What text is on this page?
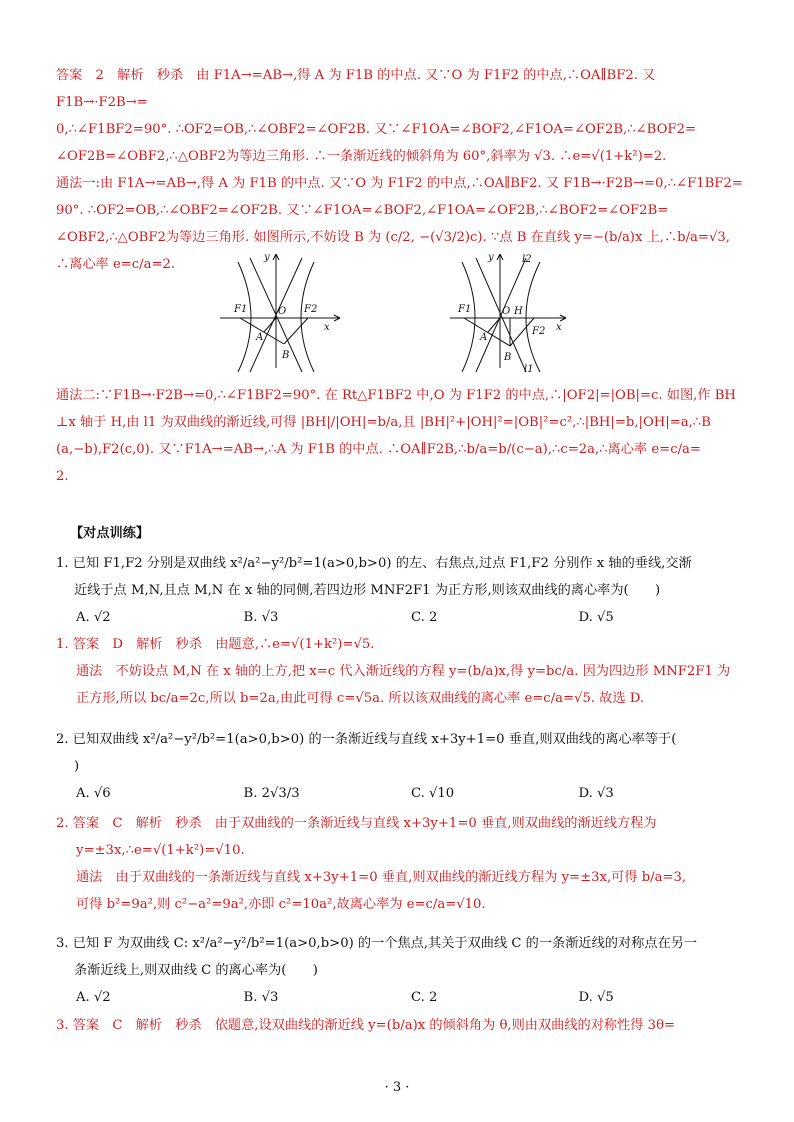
答案　2　解析　秒杀　由 F1A→=AB→,得 A 为 F1B 的中点. 又∵O 为 F1F2 的中点,∴OA∥BF2. 又 F1B→·F2B→=

0,∴∠F1BF2=90°. ∴OF2=OB,∴∠OBF2=∠OF2B. 又∵∠F1OA=∠BOF2,∠F1OA=∠OF2B,∴∠BOF2=

∠OF2B=∠OBF2,∴△OBF2为等边三角形. ∴一条渐近线的倾斜角为 60°,斜率为 √3. ∴e=√(1+k²)=2.

通法一:由 F1A→=AB→,得 A 为 F1B 的中点. 又∵O 为 F1F2 的中点,∴OA∥BF2. 又 F1B→·F2B→=0,∴∠F1BF2=

90°. ∴OF2=OB,∴∠OBF2=∠OF2B. 又∵∠F1OA=∠BOF2,∠F1OA=∠OF2B,∴∠BOF2=∠OF2B=

∠OBF2,∴△OBF2为等边三角形. 如图所示,不妨设 B 为 (c/2, −(√3/2)c). ∵点 B 在直线 y=−(b/a)x 上,∴b/a=√3,

∴离心率 e=c/a=2.	y
x
O
F1	F2
A
B
y
x
O
F1
F2
H
A
B
l2
l1

通法二:∵F1B→·F2B→=0,∴∠F1BF2=90°. 在 Rt△F1BF2 中,O 为 F1F2 的中点,∴|OF2|=|OB|=c. 如图,作 BH

⊥x 轴于 H,由 l1 为双曲线的渐近线,可得 |BH|/|OH|=b/a,且 |BH|²+|OH|²=|OB|²=c²,∴|BH|=b,|OH|=a,∴B

(a,−b),F2(c,0). 又∵F1A→=AB→,∴A 为 F1B 的中点. ∴OA∥F2B,∴b/a=b/(c−a),∴c=2a,∴离心率 e=c/a=

2.

【对点训练】

1. 已知 F1,F2 分别是双曲线 x²/a²−y²/b²=1(a>0,b>0) 的左、右焦点,过点 F1,F2 分别作 x 轴的垂线,交渐

近线于点 M,N,且点 M,N 在 x 轴的同侧,若四边形 MNF2F1 为正方形,则该双曲线的离心率为(　　)

A. √2	B. √3	C. 2	D. √5

1. 答案　D　解析　秒杀　由题意,∴e=√(1+k²)=√5.

通法　不妨设点 M,N 在 x 轴的上方,把 x=c 代入渐近线的方程 y=(b/a)x,得 y=bc/a. 因为四边形 MNF2F1 为

正方形,所以 bc/a=2c,所以 b=2a,由此可得 c=√5a. 所以该双曲线的离心率 e=c/a=√5. 故选 D.

2. 已知双曲线 x²/a²−y²/b²=1(a>0,b>0) 的一条渐近线与直线 x+3y+1=0 垂直,则双曲线的离心率等于(

)

A. √6	B. 2√3/3	C. √10	D. √3

2. 答案　C　解析　秒杀　由于双曲线的一条渐近线与直线 x+3y+1=0 垂直,则双曲线的渐近线方程为

y=±3x,∴e=√(1+k²)=√10.

通法　由于双曲线的一条渐近线与直线 x+3y+1=0 垂直,则双曲线的渐近线方程为 y=±3x,可得 b/a=3,

可得 b²=9a²,则 c²−a²=9a²,亦即 c²=10a²,故离心率为 e=c/a=√10.

3. 已知 F 为双曲线 C: x²/a²−y²/b²=1(a>0,b>0) 的一个焦点,其关于双曲线 C 的一条渐近线的对称点在另一

条渐近线上,则双曲线 C 的离心率为(　　)

A. √2	B. √3	C. 2	D. √5

3. 答案　C　解析　秒杀　依题意,设双曲线的渐近线 y=(b/a)x 的倾斜角为 θ,则由双曲线的对称性得 3θ=

· 3 ·
